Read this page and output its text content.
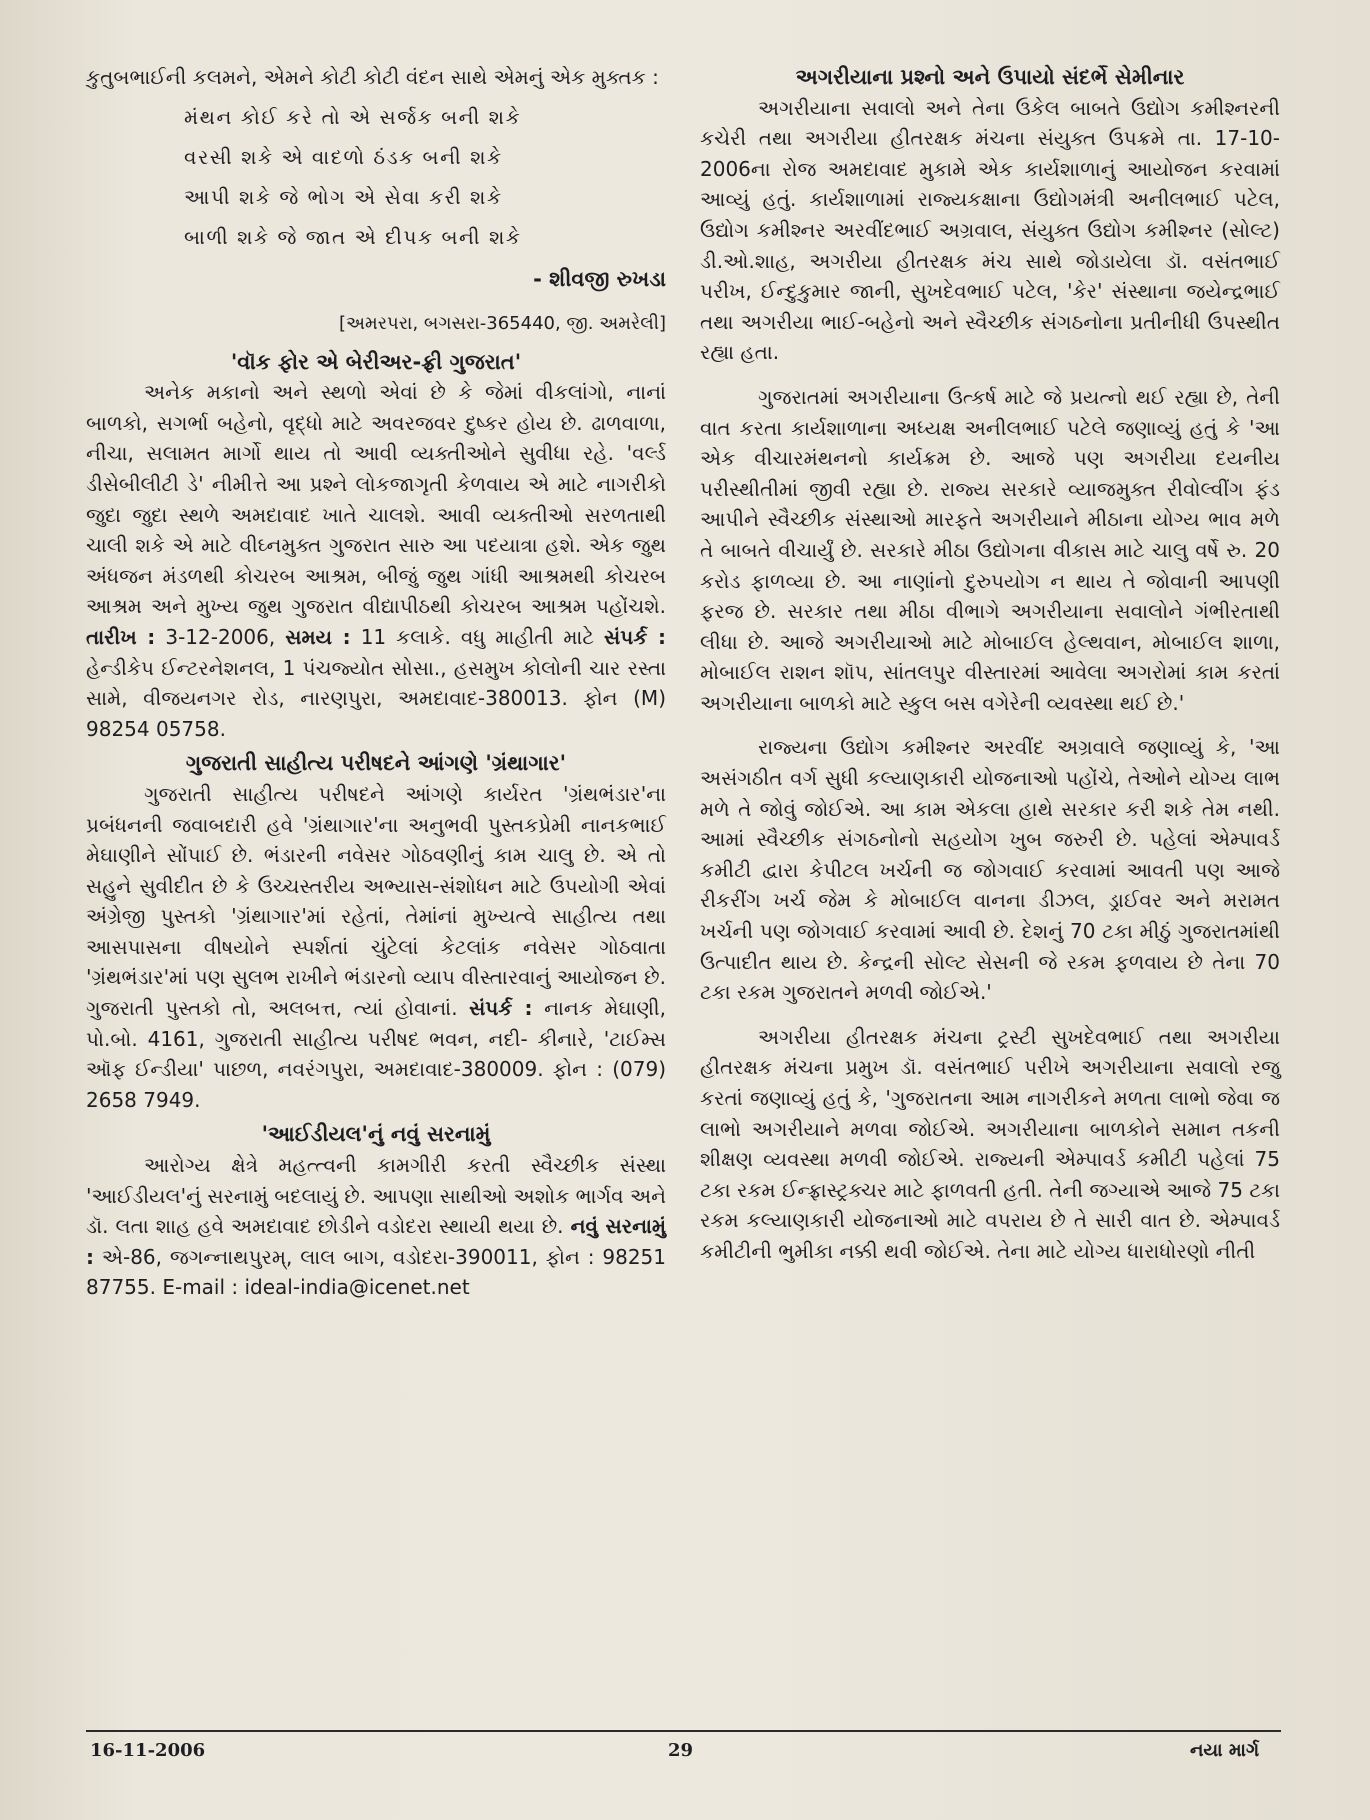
કુતુબભાઈની કલમને, એમને કોટી કોટી વંદન સાથે એમનું એક મુક્તક :

મંથન કોઈ કરે તો એ સર્જક બની શકે
વરસી શકે એ વાદળો ઠંડક બની શકે
આપી શકે જે ભોગ એ સેવા કરી શકે
બાળી શકે જે જાત એ દીપક બની શકે
- શીવજી રુખડા
[અમરપરા, બગસરા-365440, જી. અમરેલી]
'વૉક ફોર એ બેરીઅર-ફ્રી ગુજરાત'

અનેક મકાનો અને સ્થળો એવાં છે કે જેમાં વીકલાંગો, નાનાં બાળકો, સગર્ભા બહેનો, વૃદ્ધો માટે અવરજવર દુષ્કર હોય છે. ઢાળવાળા, નીચા, સલામત માર્ગો થાય તો આવી વ્યક્તીઓને સુવીધા રહે. 'વર્લ્ડ ડીસેબીલીટી ડે' નીમીત્તે આ પ્રશ્ને લોકજાગૃતી કેળવાય એ માટે નાગરીકો જુદા જુદા સ્થળે અમદાવાદ ખાતે ચાલશે. આવી વ્યક્તીઓ સરળતાથી ચાલી શકે એ માટે વીઘ્નમુક્ત ગુજરાત સારુ આ પદયાત્રા હશે. એક જુથ અંધજન મંડળથી કોચરબ આશ્રમ, બીજું જુથ ગાંધી આશ્રમથી કોચરબ આશ્રમ અને મુખ્ય જુથ ગુજરાત વીદ્યાપીઠથી કોચરબ આશ્રમ પહોંચશે. તારીખ : 3-12-2006, સમય : 11 કલાકે. વધુ માહીતી માટે સંપર્ક : હેન્ડીકેપ ઈન્ટરનેશનલ, 1 પંચજ્યોત સોસા., હસમુખ કોલોની ચાર રસ્તા સામે, વીજયનગર રોડ, નારણપુરા, અમદાવાદ-380013. ફોન (M) 98254 05758.

ગુજરાતી સાહીત્ય પરીષદને આંગણે 'ગ્રંથાગાર'

ગુજરાતી સાહીત્ય પરીષદને આંગણે કાર્યરત 'ગ્રંથભંડાર'ના પ્રબંધનની જવાબદારી હવે 'ગ્રંથાગાર'ના અનુભવી પુસ્તકપ્રેમી નાનકભાઈ મેઘાણીને સોંપાઈ છે. ભંડારની નવેસર ગોઠવણીનું કામ ચાલુ છે. એ તો સહુને સુવીદીત છે કે ઉચ્ચસ્તરીય અભ્યાસ-સંશોધન માટે ઉપયોગી એવાં અંગ્રેજી પુસ્તકો 'ગ્રંથાગાર'માં રહેતાં, તેમાંનાં મુખ્યત્વે સાહીત્ય તથા આસપાસના વીષયોને સ્પર્શતાં ચુંટેલાં કેટલાંક નવેસર ગોઠવાતા 'ગ્રંથભંડાર'માં પણ સુલભ રાખીને ભંડારનો વ્યાપ વીસ્તારવાનું આયોજન છે. ગુજરાતી પુસ્તકો તો, અલબત્ત, ત્યાં હોવાનાં. સંપર્ક : નાનક મેઘાણી, પો.બો. 4161, ગુજરાતી સાહીત્ય પરીષદ ભવન, નદી- કીનારે, 'ટાઈમ્સ ઑફ ઈન્ડીયા' પાછળ, નવરંગપુરા, અમદાવાદ-380009. ફોન : (079) 2658 7949.

'આઈડીયલ'નું નવું સરનામું

આરોગ્ય ક્ષેત્રે મહત્ત્વની કામગીરી કરતી સ્વૈચ્છીક સંસ્થા 'આઈડીયલ'નું સરનામું બદલાયું છે. આપણા સાથીઓ અશોક ભાર્ગવ અને ડૉ. લતા શાહ હવે અમદાવાદ છોડીને વડોદરા સ્થાયી થયા છે. નવું સરનામું : એ-86, જગન્નાથપુરમ્, લાલ બાગ, વડોદરા-390011, ફોન : 98251 87755. E-mail : ideal-india@icenet.net

અગરીયાના પ્રશ્નો અને ઉપાયો સંદર્ભે સેમીનાર

અગરીયાના સવાલો અને તેના ઉકેલ બાબતે ઉદ્યોગ કમીશ્નરની કચેરી તથા અગરીયા હીતરક્ષક મંચના સંયુક્ત ઉપક્રમે તા. 17-10-2006ના રોજ અમદાવાદ મુકામે એક કાર્યશાળાનું આયોજન કરવામાં આવ્યું હતું. કાર્યશાળામાં રાજ્યકક્ષાના ઉદ્યોગમંત્રી અનીલભાઈ પટેલ, ઉદ્યોગ કમીશ્નર અરવીંદભાઈ અગ્રવાલ, સંયુક્ત ઉદ્યોગ કમીશ્નર (સોલ્ટ) ડી.ઓ.શાહ, અગરીયા હીતરક્ષક મંચ સાથે જોડાયેલા ડૉ. વસંતભાઈ પરીખ, ઈન્દુકુમાર જાની, સુખદેવભાઈ પટેલ, 'કેર' સંસ્થાના જયેન્દ્રભાઈ તથા અગરીયા ભાઈ-બહેનો અને સ્વૈચ્છીક સંગઠનોના પ્રતીનીધી ઉપસ્થીત રહ્યા હતા.

ગુજરાતમાં અગરીયાના ઉત્કર્ષ માટે જે પ્રયત્નો થઈ રહ્યા છે, તેની વાત કરતા કાર્યશાળાના અધ્યક્ષ અનીલભાઈ પટેલે જણાવ્યું હતું કે 'આ એક વીચારમંથનનો કાર્યક્રમ છે. આજે પણ અગરીયા દયનીય પરીસ્થીતીમાં જીવી રહ્યા છે. રાજ્ય સરકારે વ્યાજમુક્ત રીવોલ્વીંગ ફંડ આપીને સ્વૈચ્છીક સંસ્થાઓ મારફતે અગરીયાને મીઠાના યોગ્ય ભાવ મળે તે બાબતે વીચાર્યું છે. સરકારે મીઠા ઉદ્યોગના વીકાસ માટે ચાલુ વર્ષે રુ. 20 કરોડ ફાળવ્યા છે. આ નાણાંનો દુરુપયોગ ન થાય તે જોવાની આપણી ફરજ છે. સરકાર તથા મીઠા વીભાગે અગરીયાના સવાલોને ગંભીરતાથી લીધા છે. આજે અગરીયાઓ માટે મોબાઈલ હેલ્થવાન, મોબાઈલ શાળા, મોબાઈલ રાશન શૉપ, સાંતલપુર વીસ્તારમાં આવેલા અગરોમાં કામ કરતાં અગરીયાના બાળકો માટે સ્કુલ બસ વગેરેની વ્યવસ્થા થઈ છે.'

રાજ્યના ઉદ્યોગ કમીશ્નર અરવીંદ અગ્રવાલે જણાવ્યું કે, 'આ અસંગઠીત વર્ગ સુધી કલ્યાણકારી યોજનાઓ પહોંચે, તેઓને યોગ્ય લાભ મળે તે જોવું જોઈએ. આ કામ એકલા હાથે સરકાર કરી શકે તેમ નથી. આમાં સ્વૈચ્છીક સંગઠનોનો સહયોગ ખુબ જરુરી છે. પહેલાં એમ્પાવર્ડ કમીટી દ્વારા કેપીટલ ખર્ચની જ જોગવાઈ કરવામાં આવતી પણ આજે રીકરીંગ ખર્ચ જેમ કે મોબાઈલ વાનના ડીઝલ, ડ્રાઈવર અને મરામત ખર્ચની પણ જોગવાઈ કરવામાં આવી છે. દેશનું 70 ટકા મીઠું ગુજરાતમાંથી ઉત્પાદીત થાય છે. કેન્દ્રની સોલ્ટ સેસની જે રકમ ફળવાય છે તેના 70 ટકા રકમ ગુજરાતને મળવી જોઈએ.'

અગરીયા હીતરક્ષક મંચના ટ્રસ્ટી સુખદેવભાઈ તથા અગરીયા હીતરક્ષક મંચના પ્રમુખ ડૉ. વસંતભાઈ પરીખે અગરીયાના સવાલો રજુ કરતાં જણાવ્યું હતું કે, 'ગુજરાતના આમ નાગરીકને મળતા લાભો જેવા જ લાભો અગરીયાને મળવા જોઈએ. અગરીયાના બાળકોને સમાન તકની શીક્ષણ વ્યવસ્થા મળવી જોઈએ. રાજ્યની એમ્પાવર્ડ કમીટી પહેલાં 75 ટકા રકમ ઈન્ફ્રાસ્ટ્રક્ચર માટે ફાળવતી હતી. તેની જગ્યાએ આજે 75 ટકા રકમ કલ્યાણકારી યોજનાઓ માટે વપરાય છે તે સારી વાત છે. એમ્પાવર્ડ કમીટીની ભુમીકા નક્કી થવી જોઈએ. તેના માટે યોગ્ય ધારાધોરણો નીતી

16-11-2006	29	નયા માર્ગ
